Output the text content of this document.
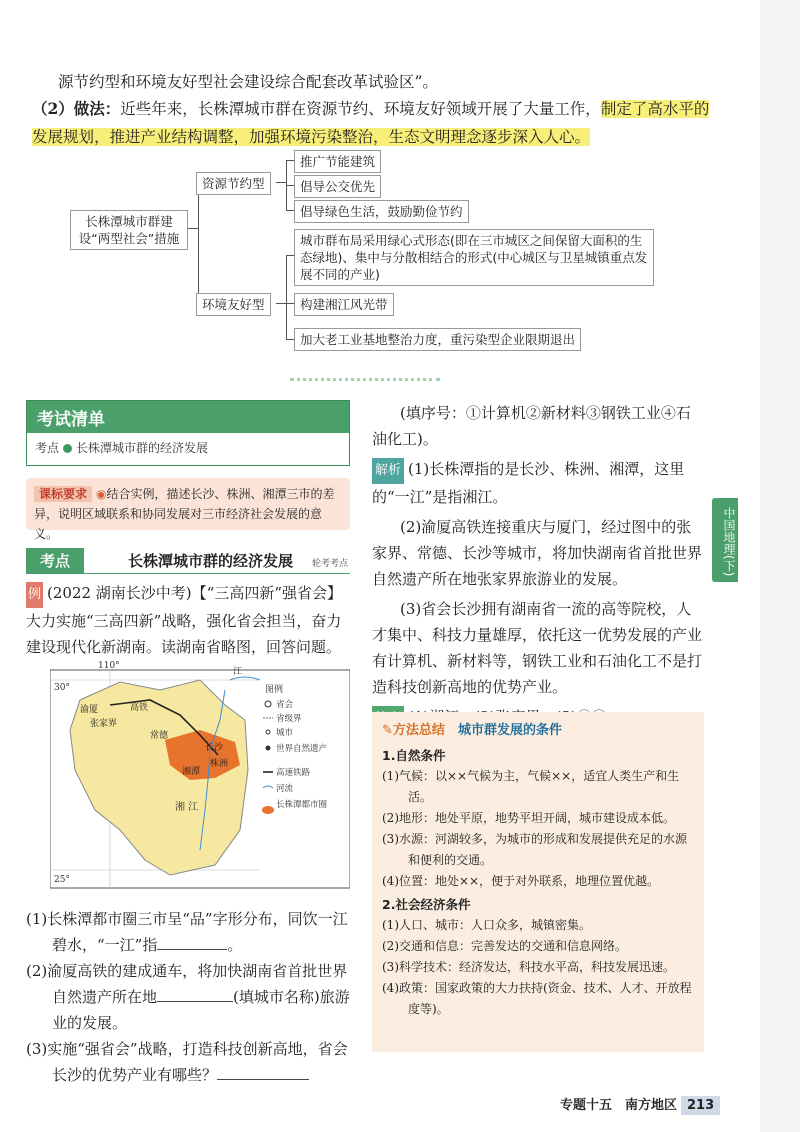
源节约型和环境友好型社会建设综合配套改革试验区”。
（2）做法：近些年来，长株潭城市群在资源节约、环境友好领域开展了大量工作，制定了高水平的发展规划，推进产业结构调整，加强环境污染整治，生态文明理念逐步深入人心。
长株潭城市群建设“两型社会”措施
资源节约型
推广节能建筑
倡导公交优先
倡导绿色生活，鼓励勤俭节约
环境友好型
城市群布局采用绿心式形态(即在三市城区之间保留大面积的生态绿地)、集中与分散相结合的形式(中心城区与卫星城镇重点发展不同的产业)
构建湘江风光带
加大老工业基地整治力度，重污染型企业限期退出
考试清单
考点 长株潭城市群的经济发展
课标要求 ◉结合实例，描述长沙、株洲、湘潭三市的差异，说明区域联系和协同发展对三市经济社会发展的意义。
考点	长株潭城市群的经济发展 轮考考点
例 (2022 湖南长沙中考)【“三高四新”强省会】大力实施“三高四新”战略，强化省会担当，奋力建设现代化新湖南。读湖南省略图，回答问题。
110°
30°
25°
江
渝厦	高铁
张家界
常德
长沙
株洲
湘潭
湘 江
图例
省会
省级界
城市
世界自然遗产
高速铁路
河流
长株潭都市圈

(1)长株潭都市圈三市呈“品”字形分布，同饮一江碧水，“一江”指	。

(2)渝厦高铁的建成通车，将加快湖南省首批世界自然遗产所在地	(填城市名称)旅游业的发展。

(3)实施“强省会”战略，打造科技创新高地，省会长沙的优势产业有哪些？

(填序号：①计算机②新材料③钢铁工业④石油化工)。

解析 (1)长株潭指的是长沙、株洲、湘潭，这里的“一江”是指湘江。

(2)渝厦高铁连接重庆与厦门，经过图中的张家界、常德、长沙等城市，将加快湖南省首批世界自然遗产所在地张家界旅游业的发展。

(3)省会长沙拥有湖南省一流的高等院校，人才集中、科技力量雄厚，依托这一优势发展的产业有计算机、新材料等，钢铁工业和石油化工不是打造科技创新高地的优势产业。

✎方法总结　 城市群发展的条件
1.自然条件

(1)气候：以××气候为主，气候××，适宜人类生产和生活。

(2)地形：地处平原，地势平坦开阔，城市建设成本低。

(3)水源：河湖较多，为城市的形成和发展提供充足的水源和便利的交通。

(4)位置：地处××，便于对外联系，地理位置优越。

2.社会经济条件

(1)人口、城市：人口众多，城镇密集。

(2)交通和信息：完善发达的交通和信息网络。

(3)科学技术：经济发达，科技水平高，科技发展迅速。

(4)政策：国家政策的大力扶持(资金、技术、人才、开放程度等)。

中国地理(下)
专题十五　南方地区 213
